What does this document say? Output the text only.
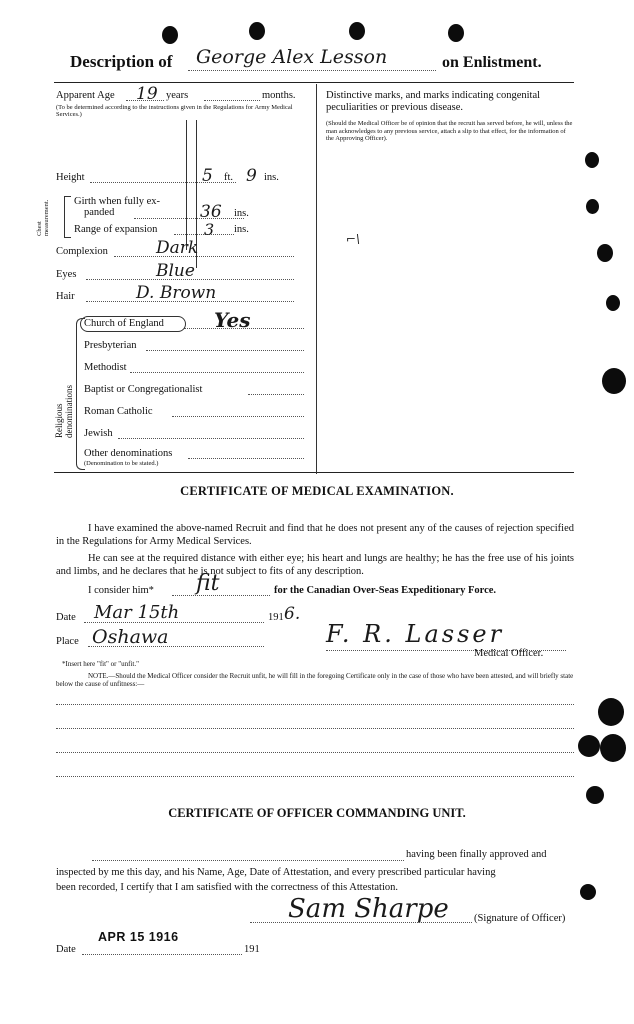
Description of George Alex Lesson	on Enlistment.
Apparent Age 19 years	months.
(To be determined according to the instructions given in the Regulations for Army Medical Services.)
Height	5 ft. 9 ins.
Chest measurement. Girth when fully ex-
panded	36 ins.
Range of expansion	3 ins.
Complexion	Dark
Eyes	Blue
Hair	D. Brown
Religious denominations
Church of England	Yes
Presbyterian
Methodist
Baptist or Congregationalist
Roman Catholic
Jewish
Other denominations
(Denomination to be stated.)
Distinctive marks, and marks indicating congenital peculiarities or previous disease.
(Should the Medical Officer be of opinion that the recruit has served before, he will, unless the man acknowledges to any previous service, attach a slip to that effect, for the information of the Approving Officer).
⌐\
CERTIFICATE OF MEDICAL EXAMINATION.
I have examined the above-named Recruit and find that he does not present any of the causes of rejection specified in the Regulations for Army Medical Services.
He can see at the required distance with either eye; his heart and lungs are healthy; he has the free use of his joints and limbs, and he declares that he is not subject to fits of any description.
I consider him* fit	for the Canadian Over-Seas Expeditionary Force.
Date Mar 15th	191 6.
Place Oshawa	F. R. Lasser
Medical Officer.
*Insert here "fit" or "unfit."
NOTE.—Should the Medical Officer consider the Recruit unfit, he will fill in the foregoing Certificate only in the case of those who have been attested, and will briefly state below the cause of unfitness:—
CERTIFICATE OF OFFICER COMMANDING UNIT.
having been finally approved and
inspected by me this day, and his Name, Age, Date of Attestation, and every prescribed particular having
been recorded, I certify that I am satisfied with the correctness of this Attestation.
Sam Sharpe (Signature of Officer)
APR 15 1916
Date	191
